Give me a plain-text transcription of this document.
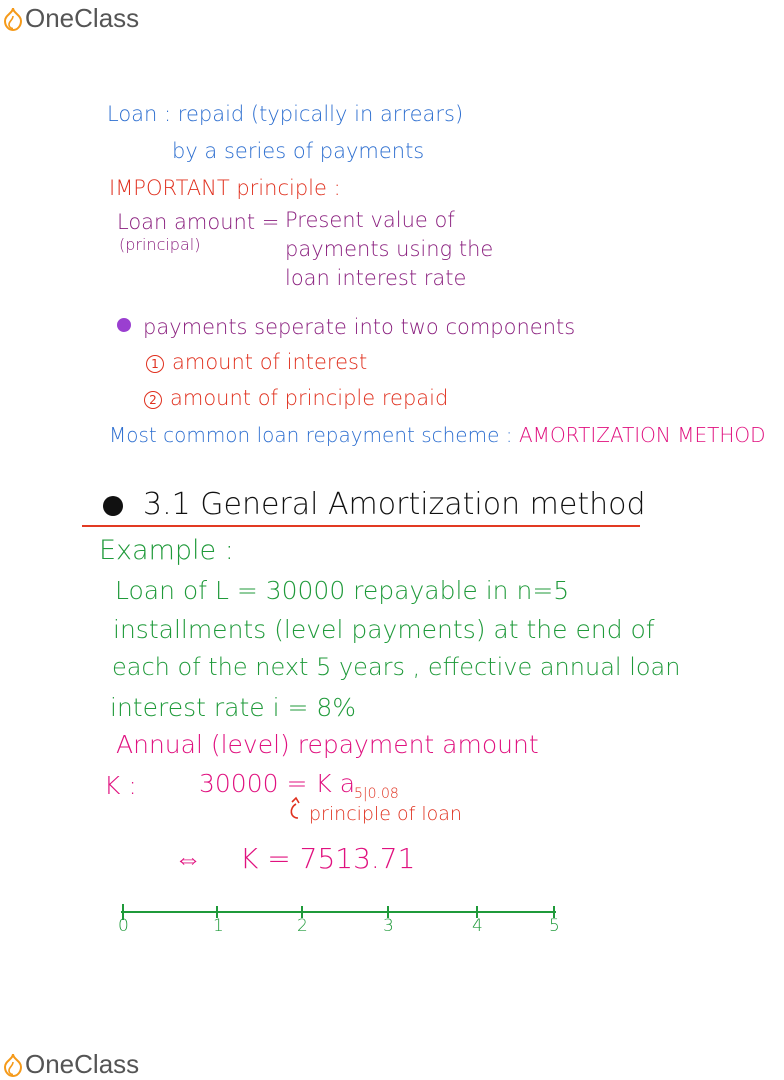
OneClass

Loan : repaid (typically in arrears)

by a series of payments

IMPORTANT principle :

Loan amount =

(principal)

Present value of

payments using the

loan interest rate

payments seperate into two components

1 amount of interest

2 amount of principle repaid

Most common loan repayment scheme : AMORTIZATION METHOD

3.1 General Amortization method

Example :

Loan of L = 30000 repayable in n=5

installments (level payments) at the end of

each of the next 5 years , effective annual loan

interest rate i = 8%

Annual (level) repayment amount

K : 30000 = K a

5|0.08

principle of loan

⇔ K = 7513.71

0	1	2	3	4	5

OneClass
